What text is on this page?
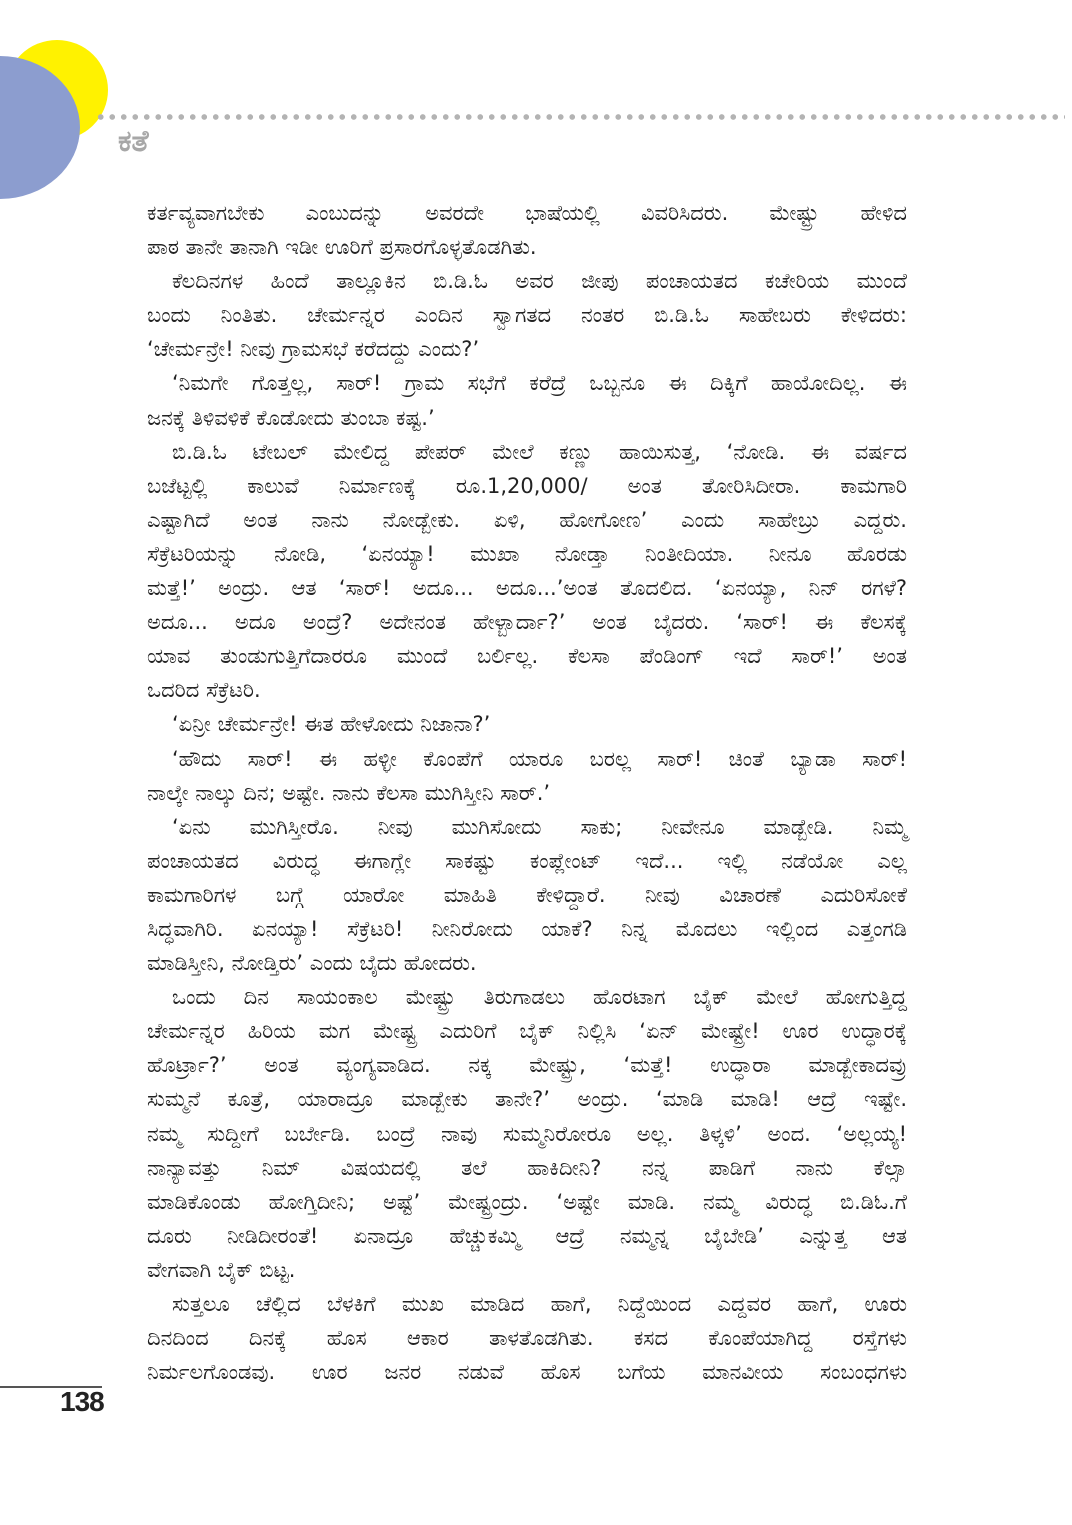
ಕತೆ
ಕರ್ತವ್ಯವಾಗಬೇಕು ಎಂಬುದನ್ನು ಅವರದೇ ಭಾಷೆಯಲ್ಲಿ ವಿವರಿಸಿದರು. ಮೇಷ್ಟ್ರು ಹೇಳಿದ
ಪಾಠ ತಾನೇ ತಾನಾಗಿ ಇಡೀ ಊರಿಗೆ ಪ್ರಸಾರಗೊಳ್ಳತೊಡಗಿತು.
ಕೆಲದಿನಗಳ ಹಿಂದೆ ತಾಲ್ಲೂಕಿನ ಬಿ.ಡಿ.ಓ ಅವರ ಜೀಪು ಪಂಚಾಯತದ ಕಚೇರಿಯ ಮುಂದೆ
ಬಂದು ನಿಂತಿತು. ಚೇರ್ಮನ್ನರ ಎಂದಿನ ಸ್ವಾಗತದ ನಂತರ ಬಿ.ಡಿ.ಓ ಸಾಹೇಬರು ಕೇಳಿದರು:
‘ಚೇರ್ಮನ್ರೇ! ನೀವು ಗ್ರಾಮಸಭೆ ಕರೆದದ್ದು ಎಂದು?’
‘ನಿಮಗೇ ಗೊತ್ತಲ್ಲ, ಸಾರ್! ಗ್ರಾಮ ಸಭೆಗೆ ಕರೆದ್ರೆ ಒಬ್ಬನೂ ಈ ದಿಕ್ಕಿಗೆ ಹಾಯೋದಿಲ್ಲ. ಈ
ಜನಕ್ಕೆ ತಿಳಿವಳಿಕೆ ಕೊಡೋದು ತುಂಬಾ ಕಷ್ಟ.’
ಬಿ.ಡಿ.ಓ ಟೇಬಲ್ ಮೇಲಿದ್ದ ಪೇಪರ್ ಮೇಲೆ ಕಣ್ಣು ಹಾಯಿಸುತ್ತ, ‘ನೋಡಿ. ಈ ವರ್ಷದ
ಬಜೆಟ್ಟಲ್ಲಿ ಕಾಲುವೆ ನಿರ್ಮಾಣಕ್ಕೆ ರೂ.1,20,000/ ಅಂತ ತೋರಿಸಿದೀರಾ. ಕಾಮಗಾರಿ
ಎಷ್ಟಾಗಿದೆ ಅಂತ ನಾನು ನೋಡ್ಬೇಕು. ಏಳಿ, ಹೋಗೋಣ’ ಎಂದು ಸಾಹೇಬ್ರು ಎದ್ದರು.
ಸೆಕ್ರೆಟರಿಯನ್ನು ನೋಡಿ, ‘ಏನಯ್ಯಾ! ಮುಖಾ ನೋಡ್ತಾ ನಿಂತೀದಿಯಾ. ನೀನೂ ಹೊರಡು
ಮತ್ತೆ!’ ಅಂದ್ರು. ಆತ ‘ಸಾರ್! ಅದೂ... ಅದೂ...’ಅಂತ ತೊದಲಿದ. ‘ಏನಯ್ಯಾ, ನಿನ್ ರಗಳೆ?
ಅದೂ... ಅದೂ ಅಂದ್ರೆ? ಅದೇನಂತ ಹೇಳ್ಬಾರ್ದಾ?’ ಅಂತ ಬೈದರು. ‘ಸಾರ್! ಈ ಕೆಲಸಕ್ಕೆ
ಯಾವ ತುಂಡುಗುತ್ತಿಗೆದಾರರೂ ಮುಂದೆ ಬರ್ಲಿಲ್ಲ. ಕೆಲಸಾ ಪೆಂಡಿಂಗ್ ಇದೆ ಸಾರ್!’ ಅಂತ
ಒದರಿದ ಸೆಕ್ರೆಟರಿ.
‘ಏನ್ರೀ ಚೇರ್ಮನ್ರೇ! ಈತ ಹೇಳೋದು ನಿಜಾನಾ?’
‘ಹೌದು ಸಾರ್! ಈ ಹಳ್ಳೀ ಕೊಂಪೆಗೆ ಯಾರೂ ಬರಲ್ಲ ಸಾರ್! ಚಿಂತೆ ಬ್ಯಾಡಾ ಸಾರ್!
ನಾಲ್ಕೇ ನಾಲ್ಕು ದಿನ; ಅಷ್ಟೇ. ನಾನು ಕೆಲಸಾ ಮುಗಿಸ್ತೀನಿ ಸಾರ್.’
‘ಏನು ಮುಗಿಸ್ತೀರೊ. ನೀವು ಮುಗಿಸೋದು ಸಾಕು; ನೀವೇನೂ ಮಾಡ್ಬೇಡಿ. ನಿಮ್ಮ
ಪಂಚಾಯತದ ವಿರುದ್ಧ ಈಗಾಗ್ಲೇ ಸಾಕಷ್ಟು ಕಂಪ್ಲೇಂಟ್ ಇದೆ... ಇಲ್ಲಿ ನಡೆಯೋ ಎಲ್ಲ
ಕಾಮಗಾರಿಗಳ ಬಗ್ಗೆ ಯಾರೋ ಮಾಹಿತಿ ಕೇಳಿದ್ದಾರೆ. ನೀವು ವಿಚಾರಣೆ ಎದುರಿಸೋಕೆ
ಸಿದ್ಧವಾಗಿರಿ. ಏನಯ್ಯಾ! ಸೆಕ್ರೆಟರಿ! ನೀನಿರೋದು ಯಾಕೆ? ನಿನ್ನ ಮೊದಲು ಇಲ್ಲಿಂದ ಎತ್ತಂಗಡಿ
ಮಾಡಿಸ್ತೀನಿ, ನೋಡ್ತಿರು’ ಎಂದು ಬೈದು ಹೋದರು.
ಒಂದು ದಿನ ಸಾಯಂಕಾಲ ಮೇಷ್ಟ್ರು ತಿರುಗಾಡಲು ಹೊರಟಾಗ ಬೈಕ್ ಮೇಲೆ ಹೋಗುತ್ತಿದ್ದ
ಚೇರ್ಮನ್ನರ ಹಿರಿಯ ಮಗ ಮೇಷ್ಟ್ರ ಎದುರಿಗೆ ಬೈಕ್ ನಿಲ್ಲಿಸಿ ‘ಏನ್ ಮೇಷ್ಟ್ರೇ! ಊರ ಉದ್ಧಾರಕ್ಕೆ
ಹೊರ್ಟ್ರಾ?’ ಅಂತ ವ್ಯಂಗ್ಯವಾಡಿದ. ನಕ್ಕ ಮೇಷ್ಟ್ರು, ‘ಮತ್ತೆ! ಉದ್ಧಾರಾ ಮಾಡ್ಬೇಕಾದವ್ರು
ಸುಮ್ಮನೆ ಕೂತ್ರೆ, ಯಾರಾದ್ರೂ ಮಾಡ್ಬೇಕು ತಾನೇ?’ ಅಂದ್ರು. ‘ಮಾಡಿ ಮಾಡಿ! ಆದ್ರೆ ಇಷ್ಟೇ.
ನಮ್ಮ ಸುದ್ದೀಗೆ ಬರ್ಬೇಡಿ. ಬಂದ್ರೆ ನಾವು ಸುಮ್ಮನಿರೋರೂ ಅಲ್ಲ. ತಿಳ್ಕಳಿ’ ಅಂದ. ‘ಅಲ್ಲಯ್ಯ!
ನಾನ್ಯಾವತ್ತು ನಿಮ್ ವಿಷಯದಲ್ಲಿ ತಲೆ ಹಾಕಿದೀನಿ? ನನ್ನ ಪಾಡಿಗೆ ನಾನು ಕೆಲ್ಸಾ
ಮಾಡಿಕೊಂಡು ಹೋಗ್ತಿದೀನಿ; ಅಷ್ಟೆ’ ಮೇಷ್ಟ್ರಂದ್ರು. ‘ಅಷ್ಟೇ ಮಾಡಿ. ನಮ್ಮ ವಿರುದ್ಧ ಬಿ.ಡಿಓ.ಗೆ
ದೂರು ನೀಡಿದೀರಂತೆ! ಏನಾದ್ರೂ ಹೆಚ್ಚುಕಮ್ಮಿ ಆದ್ರೆ ನಮ್ಮನ್ನ ಬೈಬೇಡಿ’ ಎನ್ನುತ್ತ ಆತ
ವೇಗವಾಗಿ ಬೈಕ್ ಬಿಟ್ಟ.
ಸುತ್ತಲೂ ಚೆಲ್ಲಿದ ಬೆಳಕಿಗೆ ಮುಖ ಮಾಡಿದ ಹಾಗೆ, ನಿದ್ದೆಯಿಂದ ಎದ್ದವರ ಹಾಗೆ, ಊರು
ದಿನದಿಂದ ದಿನಕ್ಕೆ ಹೊಸ ಆಕಾರ ತಾಳತೊಡಗಿತು. ಕಸದ ಕೊಂಪೆಯಾಗಿದ್ದ ರಸ್ತೆಗಳು
ನಿರ್ಮಲಗೊಂಡವು. ಊರ ಜನರ ನಡುವೆ ಹೊಸ ಬಗೆಯ ಮಾನವೀಯ ಸಂಬಂಧಗಳು
138
